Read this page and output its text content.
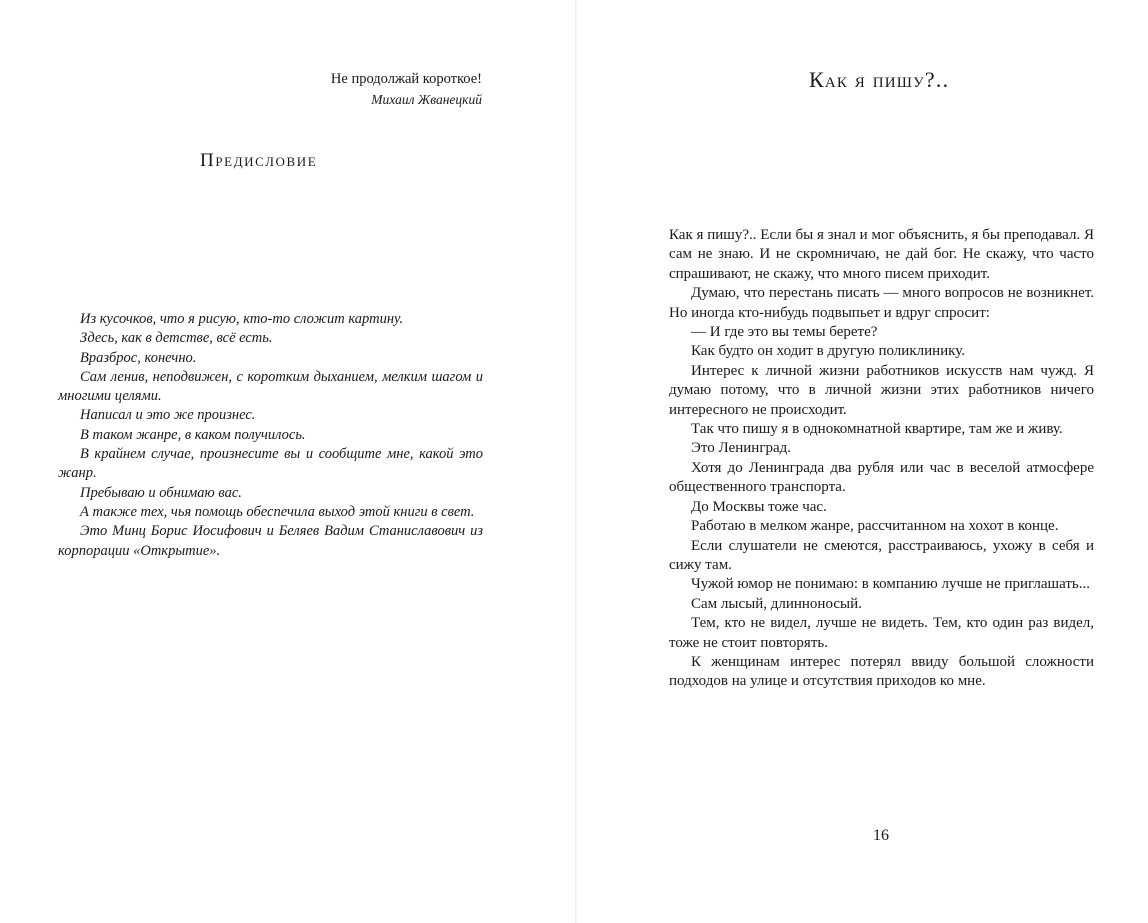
Не продолжай короткое!
Михаил Жванецкий
Предисловие

Из кусочков, что я рисую, кто-то сложит картину.

Здесь, как в детстве, всё есть.

Вразброс, конечно.

Сам ленив, неподвижен, с коротким дыханием, мелким шагом и многими целями.

Написал и это же произнес.

В таком жанре, в каком получилось.

В крайнем случае, произнесите вы и сообщите мне, какой это жанр.

Пребываю и обнимаю вас.

А также тех, чья помощь обеспечила выход этой книги в свет.

Это Минц Борис Иосифович и Беляев Вадим Станиславович из корпорации «Открытие».

Как я пишу?..

Как я пишу?.. Если бы я знал и мог объяснить, я бы преподавал. Я сам не знаю. И не скромничаю, не дай бог. Не скажу, что часто спрашивают, не скажу, что много писем приходит.

Думаю, что перестань писать — много вопросов не возникнет. Но иногда кто-нибудь подвыпьет и вдруг спросит:

— И где это вы темы берете?

Как будто он ходит в другую поликлинику.

Интерес к личной жизни работников искусств нам чужд. Я думаю потому, что в личной жизни этих работников ничего интересного не происходит.

Так что пишу я в однокомнатной квартире, там же и живу.

Это Ленинград.

Хотя до Ленинграда два рубля или час в веселой атмосфере общественного транспорта.

До Москвы тоже час.

Работаю в мелком жанре, рассчитанном на хохот в конце.

Если слушатели не смеются, расстраиваюсь, ухожу в себя и сижу там.

Чужой юмор не понимаю: в компанию лучше не приглашать...

Сам лысый, длинноносый.

Тем, кто не видел, лучше не видеть. Тем, кто один раз видел, тоже не стоит повторять.

К женщинам интерес потерял ввиду большой сложности подходов на улице и отсутствия приходов ко мне.

16
